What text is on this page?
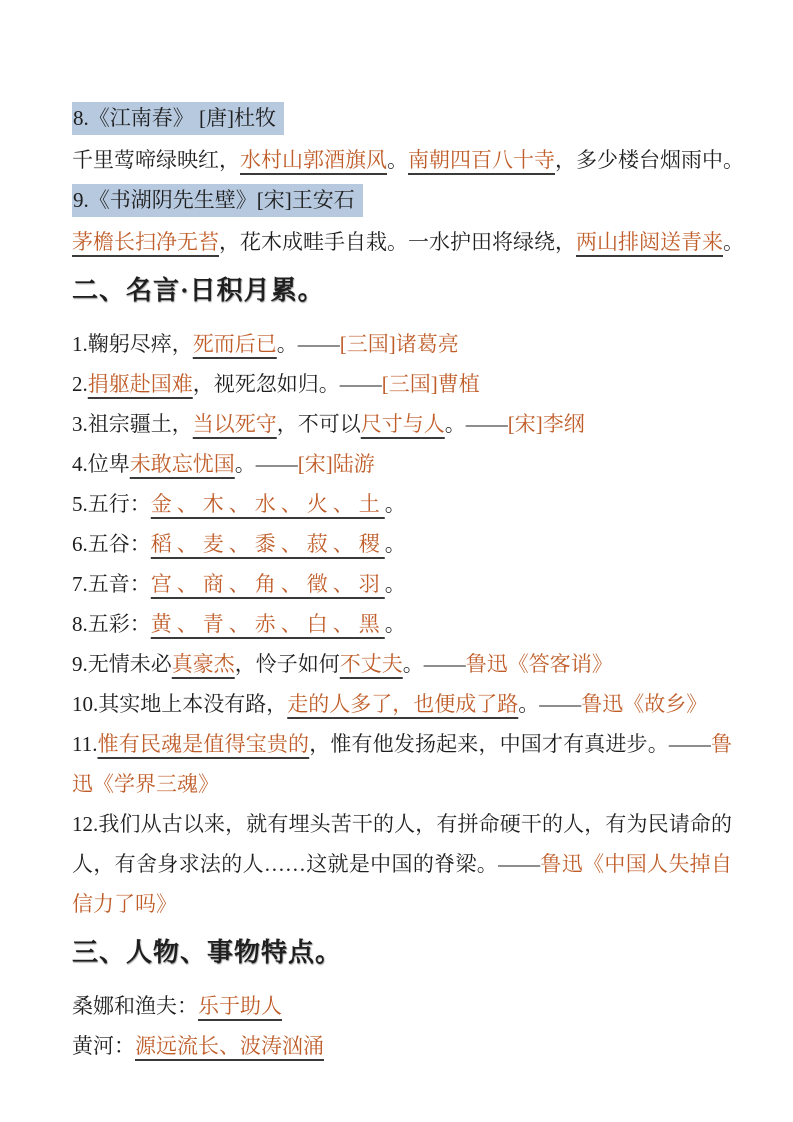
8.《江南春》 [唐]杜牧

千里莺啼绿映红，水村山郭酒旗风。南朝四百八十寺，多少楼台烟雨中。

9.《书湖阴先生壁》[宋]王安石

茅檐长扫净无苔，花木成畦手自栽。一水护田将绿绕，两山排闼送青来。

二、名言·日积月累。

1.鞠躬尽瘁，死而后已。——[三国]诸葛亮

2.捐躯赴国难，视死忽如归。——[三国]曹植

3.祖宗疆土，当以死守，不可以尺寸与人。——[宋]李纲

4.位卑未敢忘忧国。——[宋]陆游

5.五行：金、木、水、火、土。

6.五谷：稻、麦、黍、菽、稷。

7.五音：宫、商、角、徵、羽。

8.五彩：黄、青、赤、白、黑。

9.无情未必真豪杰，怜子如何不丈夫。——鲁迅《答客诮》

10.其实地上本没有路，走的人多了，也便成了路。——鲁迅《故乡》

11.惟有民魂是值得宝贵的，惟有他发扬起来，中国才有真进步。——鲁迅《学界三魂》

12.我们从古以来，就有埋头苦干的人，有拼命硬干的人，有为民请命的人，有舍身求法的人……这就是中国的脊梁。——鲁迅《中国人失掉自信力了吗》

三、人物、事物特点。

桑娜和渔夫：乐于助人

黄河：源远流长、波涛汹涌
